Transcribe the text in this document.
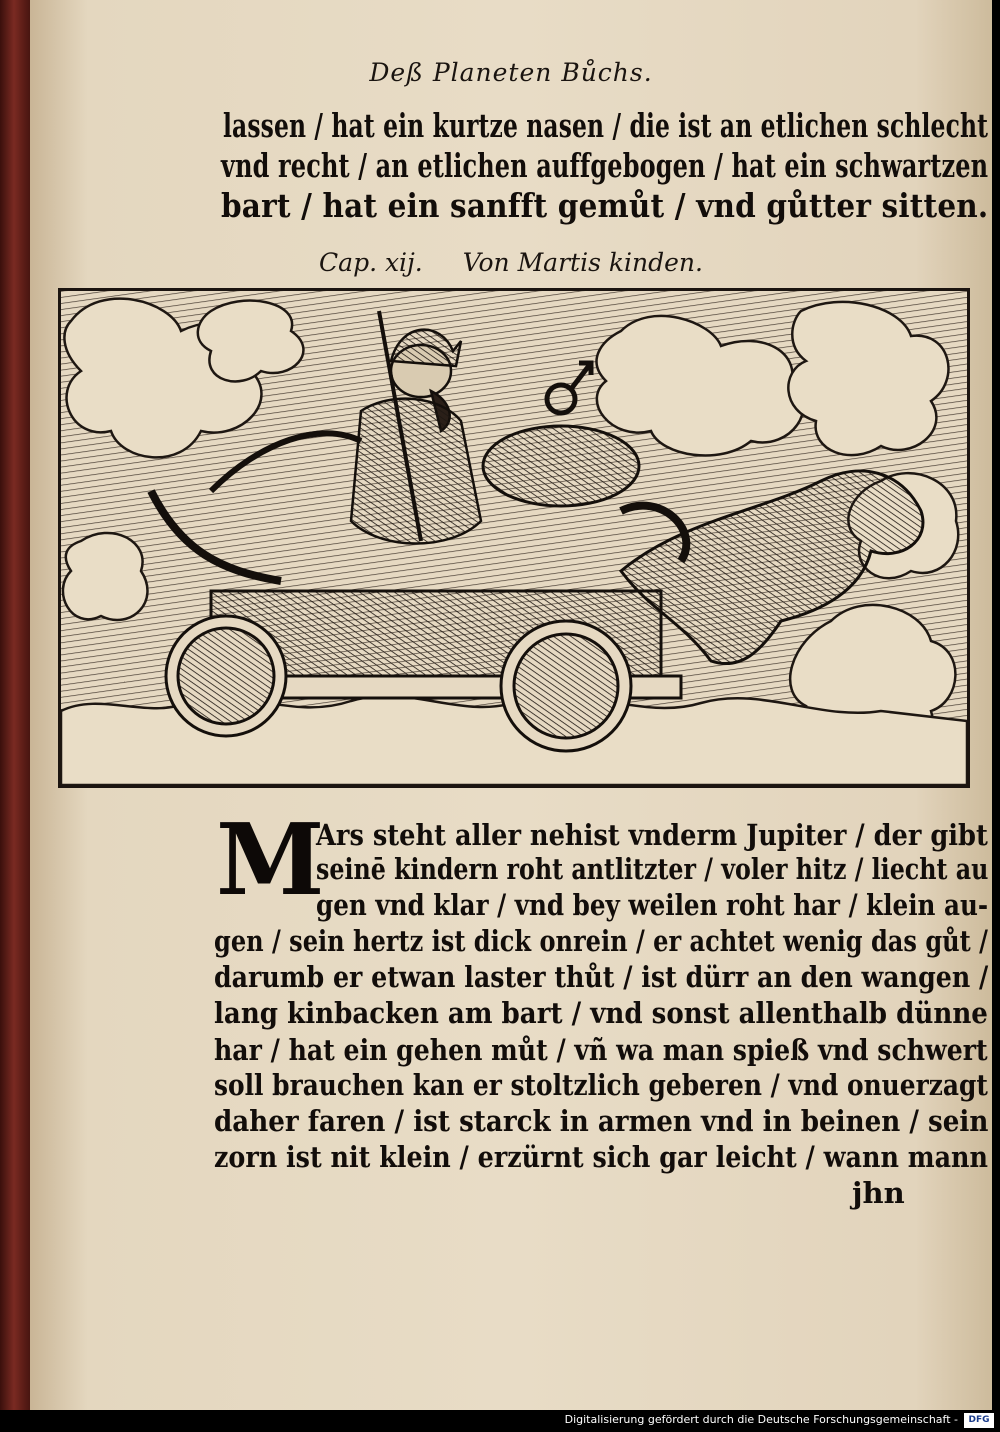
Deß Planeten Bůchs.
lassen / hat ein kurtze nasen / die ist an etlichen schlecht
vnd recht / an etlichen auffgebogen / hat ein schwartzen
bart / hat ein sanfft gemůt / vnd gůtter sitten.
Cap. xij. Von Martis kinden.
M
Ars steht aller nehist vnderm Jupiter / der gibt
seinē kindern roht antlitzter / voler hitz / liecht au
gen vnd klar / vnd bey weilen roht har / klein au-
gen / sein hertz ist dick onrein / er achtet wenig das gůt /
darumb er etwan laster thůt / ist dürr an den wangen /
lang kinbacken am bart / vnd sonst allenthalb dünne
har / hat ein gehen můt / vñ wa man spieß vnd schwert
soll brauchen kan er stoltzlich geberen / vnd onuerzagt
daher faren / ist starck in armen vnd in beinen / sein
zorn ist nit klein / erzürnt sich gar leicht / wann mann
jhn
Digitalisierung gefördert durch die Deutsche Forschungsgemeinschaft -	DFG
